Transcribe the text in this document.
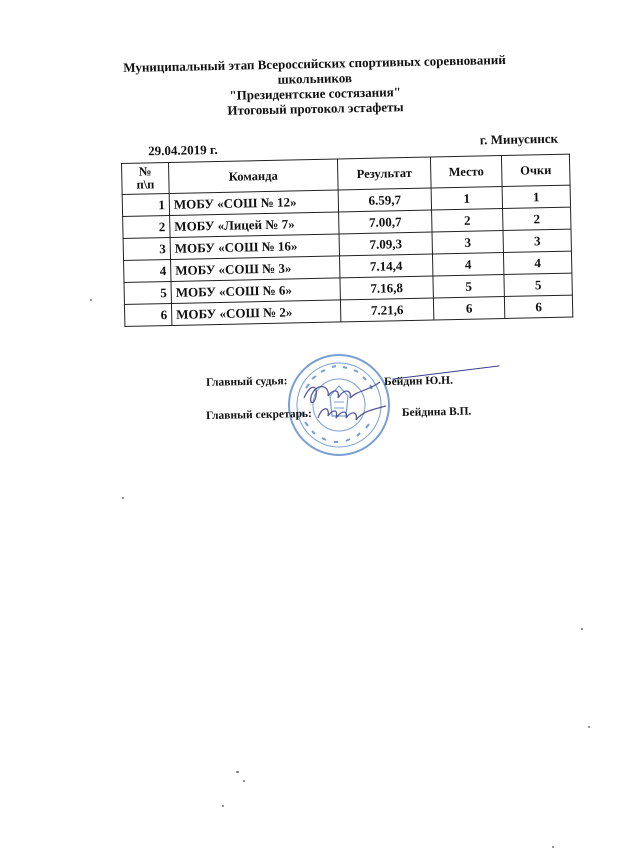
Муниципальный этап Всероссийских спортивных соревнований
школьников
"Президентские состязания"
Итоговый протокол эстафеты
29.04.2019 г.
г. Минусинск
№
п\п	Команда	Результат	Место	Очки
1	МОБУ «СОШ № 12»	6.59,7	1	1
2	МОБУ «Лицей № 7»	7.00,7	2	2
3	МОБУ «СОШ № 16»	7.09,3	3	3
4	МОБУ «СОШ № 3»	7.14,4	4	4
5	МОБУ «СОШ № 6»	7.16,8	5	5
6	МОБУ «СОШ № 2»	7.21,6	6	6
Главный судья:	Бейдин Ю.Н.
Главный секретарь:	Бейдина В.П.
